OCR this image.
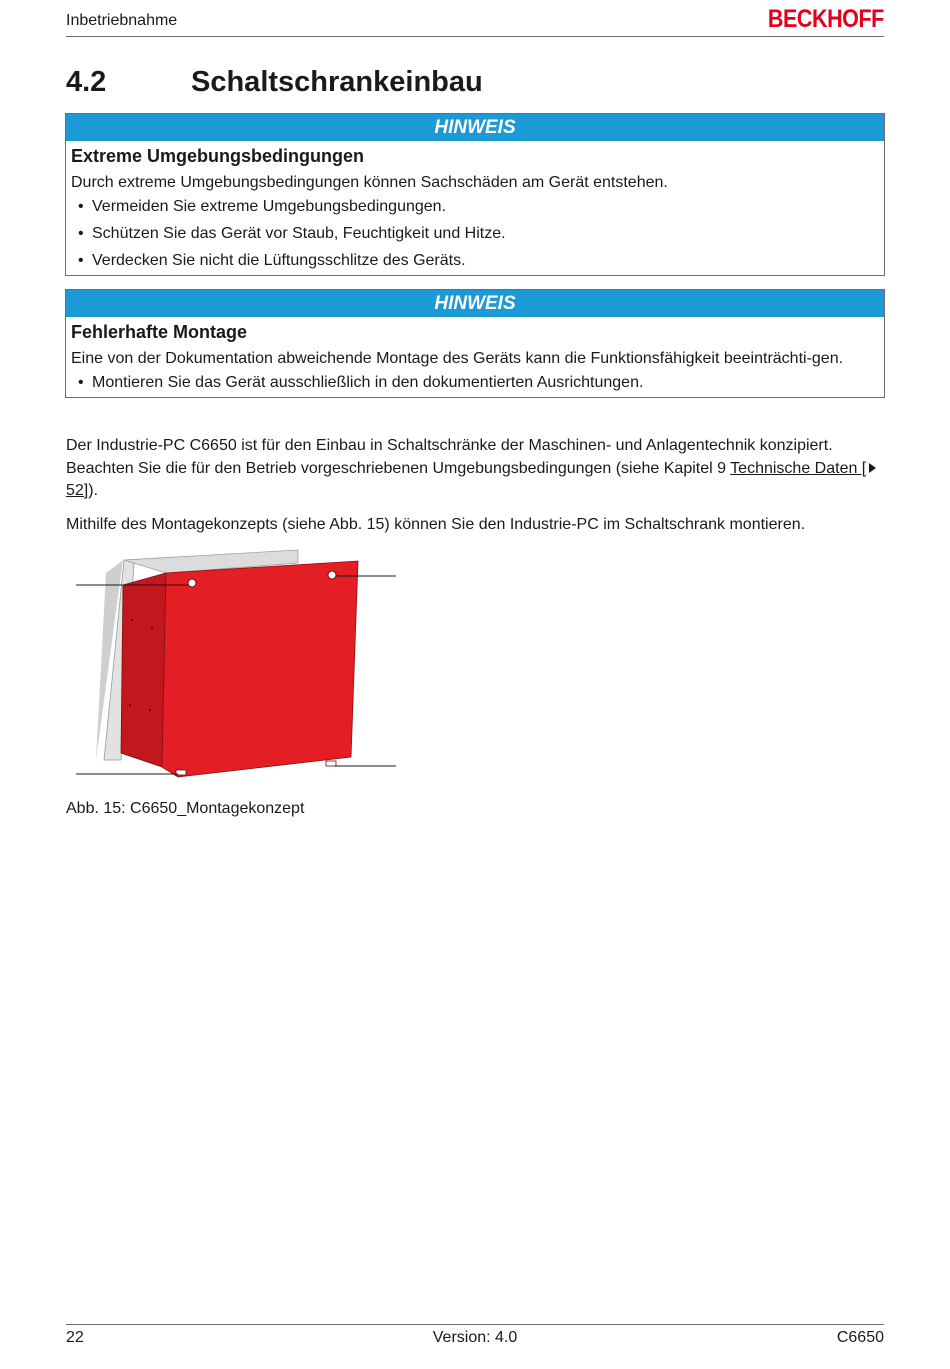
Inbetriebnahme	BECKHOFF
4.2	Schaltschrankeinbau
HINWEIS
Extreme Umgebungsbedingungen
Durch extreme Umgebungsbedingungen können Sachschäden am Gerät entstehen.
• Vermeiden Sie extreme Umgebungsbedingungen.
• Schützen Sie das Gerät vor Staub, Feuchtigkeit und Hitze.
• Verdecken Sie nicht die Lüftungsschlitze des Geräts.
HINWEIS
Fehlerhafte Montage
Eine von der Dokumentation abweichende Montage des Geräts kann die Funktionsfähigkeit beeinträchti-gen.
• Montieren Sie das Gerät ausschließlich in den dokumentierten Ausrichtungen.
Der Industrie-PC C6650 ist für den Einbau in Schaltschränke der Maschinen- und Anlagentechnik konzipiert. Beachten Sie die für den Betrieb vorgeschriebenen Umgebungsbedingungen (siehe Kapitel 9 Technische Daten [ 52]).
Mithilfe des Montagekonzepts (siehe Abb. 15) können Sie den Industrie-PC im Schaltschrank montieren.
Abb. 15: C6650_Montagekonzept
22	Version: 4.0	C6650
